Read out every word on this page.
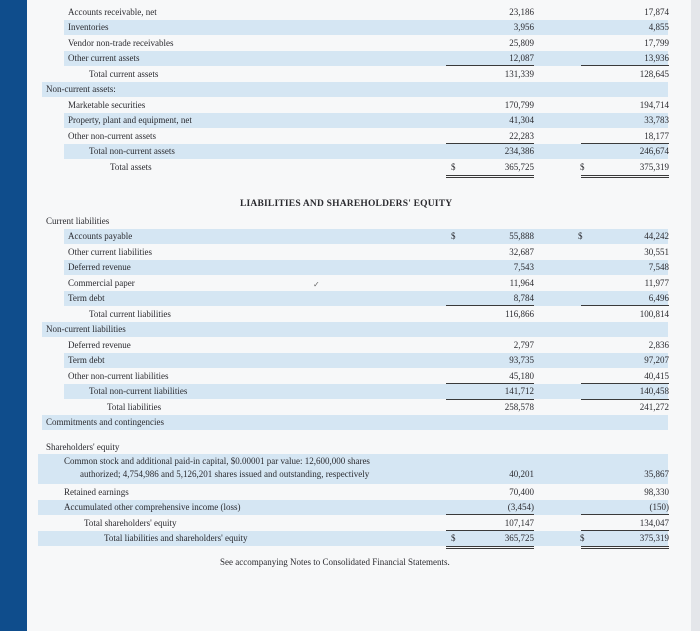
Accounts receivable, net	23,186	17,874
Inventories	3,956	4,855
Vendor non-trade receivables	25,809	17,799
Other current assets	12,087	13,936
Total current assets	131,339	128,645
Non-current assets:
Marketable securities	170,799	194,714
Property, plant and equipment, net	41,304	33,783
Other non-current assets	22,283	18,177
Total non-current assets	234,386	246,674
Total assets	$	365,725	$	375,319
LIABILITIES AND SHAREHOLDERS' EQUITY
Current liabilities
Accounts payable	$	55,888	$	44,242
Other current liabilities	32,687	30,551
Deferred revenue	7,543	7,548
Commercial paper	11,964	11,977
✓
Term debt	8,784	6,496
Total current liabilities	116,866	100,814
Non-current liabilities
Deferred revenue	2,797	2,836
Term debt	93,735	97,207
Other non-current liabilities	45,180	40,415
Total non-current liabilities	141,712	140,458
Total liabilities	258,578	241,272
Commitments and contingencies
Shareholders' equity
Common stock and additional paid-in capital, $0.00001 par value: 12,600,000 shares
authorized; 4,754,986 and 5,126,201 shares issued and outstanding, respectively	40,201	35,867
Retained earnings	70,400	98,330
Accumulated other comprehensive income (loss)	(3,454)	(150)
Total shareholders' equity	107,147	134,047
Total liabilities and shareholders' equity	$	365,725	$	375,319
See accompanying Notes to Consolidated Financial Statements.
